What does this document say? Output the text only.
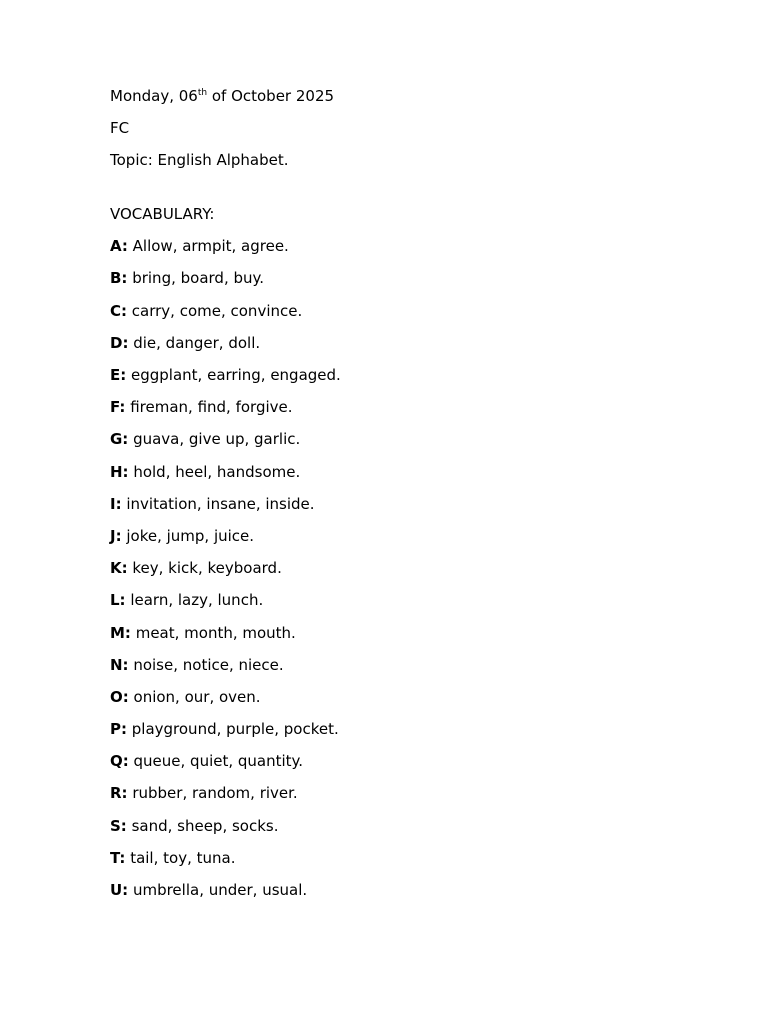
Monday, 06th of October 2025
FC
Topic: English Alphabet.
VOCABULARY:
A: Allow, armpit, agree.
B: bring, board, buy.
C: carry, come, convince.
D: die, danger, doll.
E: eggplant, earring, engaged.
F: fireman, find, forgive.
G: guava, give up, garlic.
H: hold, heel, handsome.
I: invitation, insane, inside.
J: joke, jump, juice.
K: key, kick, keyboard.
L: learn, lazy, lunch.
M: meat, month, mouth.
N: noise, notice, niece.
O: onion, our, oven.
P: playground, purple, pocket.
Q: queue, quiet, quantity.
R: rubber, random, river.
S: sand, sheep, socks.
T: tail, toy, tuna.
U: umbrella, under, usual.
